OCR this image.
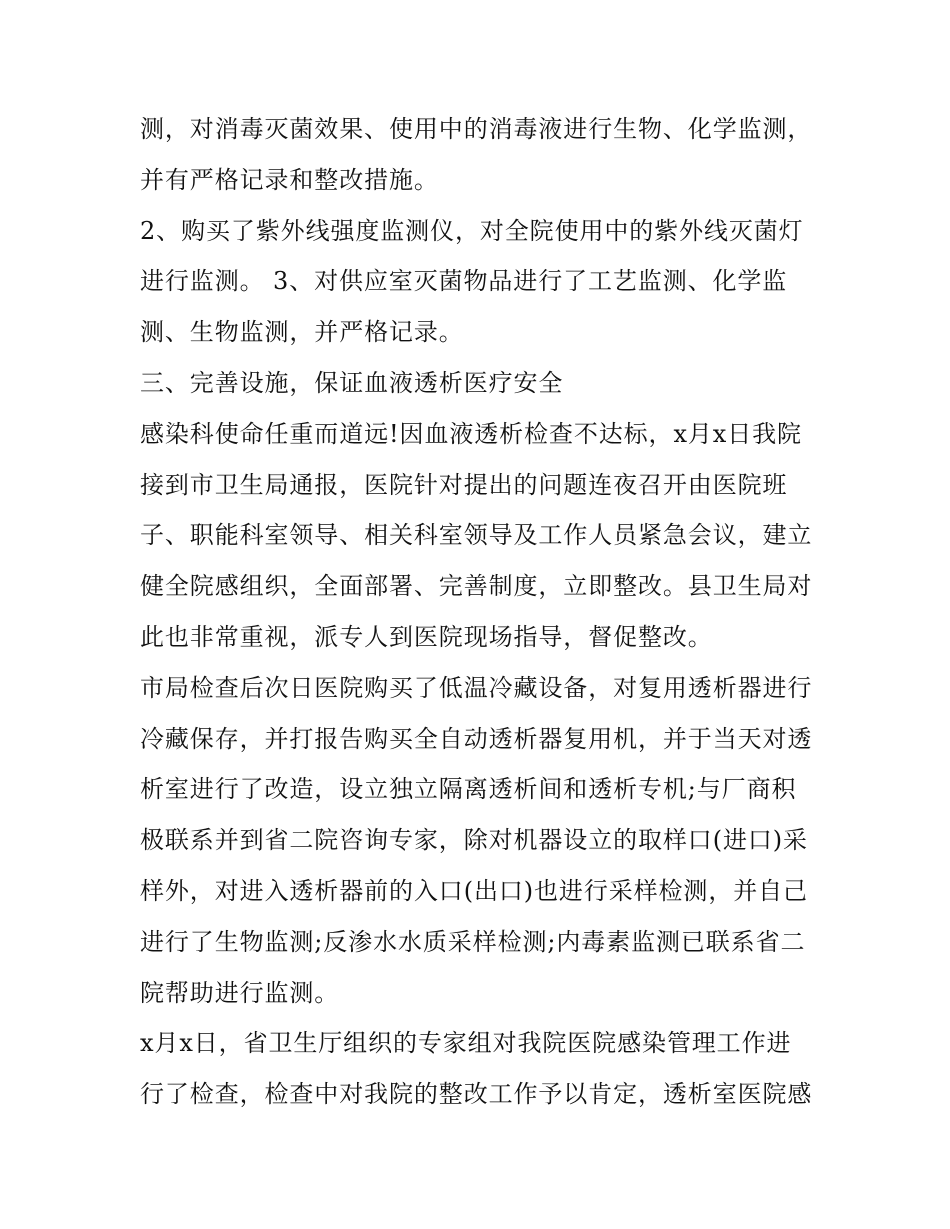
测，对消毒灭菌效果、使用中的消毒液进行生物、化学监测，
并有严格记录和整改措施。
2、购买了紫外线强度监测仪，对全院使用中的紫外线灭菌灯
进行监测。 3、对供应室灭菌物品进行了工艺监测、化学监
测、生物监测，并严格记录。
三、完善设施，保证血液透析医疗安全
感染科使命任重而道远!因血液透析检查不达标，x月x日我院
接到市卫生局通报，医院针对提出的问题连夜召开由医院班
子、职能科室领导、相关科室领导及工作人员紧急会议，建立
健全院感组织，全面部署、完善制度，立即整改。县卫生局对
此也非常重视，派专人到医院现场指导，督促整改。
市局检查后次日医院购买了低温冷藏设备，对复用透析器进行
冷藏保存，并打报告购买全自动透析器复用机，并于当天对透
析室进行了改造，设立独立隔离透析间和透析专机;与厂商积
极联系并到省二院咨询专家，除对机器设立的取样口(进口)采
样外，对进入透析器前的入口(出口)也进行采样检测，并自己
进行了生物监测;反渗水水质采样检测;内毒素监测已联系省二
院帮助进行监测。
x月x日，省卫生厅组织的专家组对我院医院感染管理工作进
行了检查，检查中对我院的整改工作予以肯定，透析室医院感
